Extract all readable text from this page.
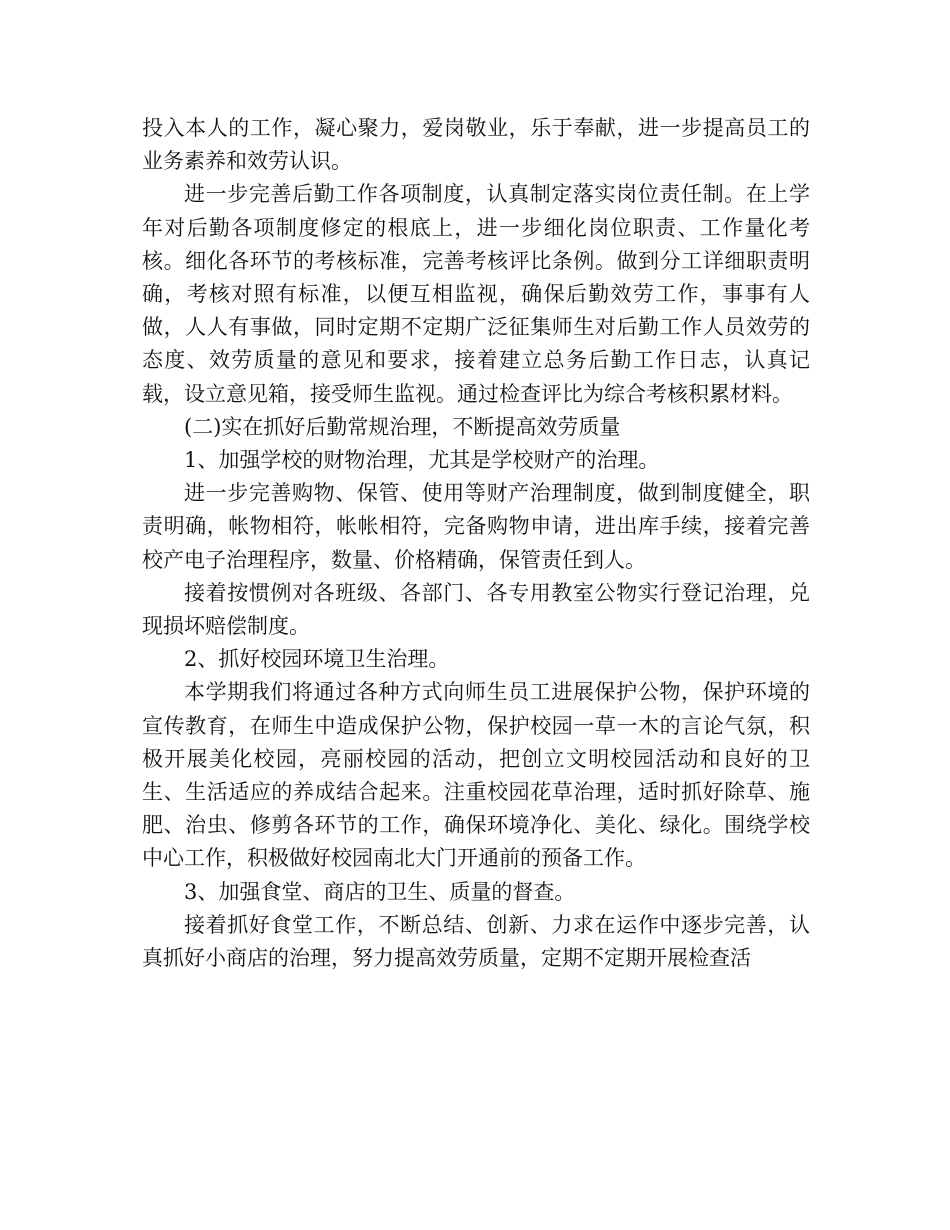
投入本人的工作，凝心聚力，爱岗敬业，乐于奉献，进一步提高员工的业务素养和效劳认识。

进一步完善后勤工作各项制度，认真制定落实岗位责任制。在上学年对后勤各项制度修定的根底上，进一步细化岗位职责、工作量化考核。细化各环节的考核标准，完善考核评比条例。做到分工详细职责明确，考核对照有标准，以便互相监视，确保后勤效劳工作，事事有人做，人人有事做，同时定期不定期广泛征集师生对后勤工作人员效劳的态度、效劳质量的意见和要求，接着建立总务后勤工作日志，认真记载，设立意见箱，接受师生监视。通过检查评比为综合考核积累材料。

(二)实在抓好后勤常规治理，不断提高效劳质量

1、加强学校的财物治理，尤其是学校财产的治理。

进一步完善购物、保管、使用等财产治理制度，做到制度健全，职责明确，帐物相符，帐帐相符，完备购物申请，进出库手续，接着完善校产电子治理程序，数量、价格精确，保管责任到人。

接着按惯例对各班级、各部门、各专用教室公物实行登记治理，兑现损坏赔偿制度。

2、抓好校园环境卫生治理。

本学期我们将通过各种方式向师生员工进展保护公物，保护环境的宣传教育，在师生中造成保护公物，保护校园一草一木的言论气氛，积极开展美化校园，亮丽校园的活动，把创立文明校园活动和良好的卫生、生活适应的养成结合起来。注重校园花草治理，适时抓好除草、施肥、治虫、修剪各环节的工作，确保环境净化、美化、绿化。围绕学校中心工作，积极做好校园南北大门开通前的预备工作。

3、加强食堂、商店的卫生、质量的督查。

接着抓好食堂工作，不断总结、创新、力求在运作中逐步完善，认真抓好小商店的治理，努力提高效劳质量，定期不定期开展检查活
